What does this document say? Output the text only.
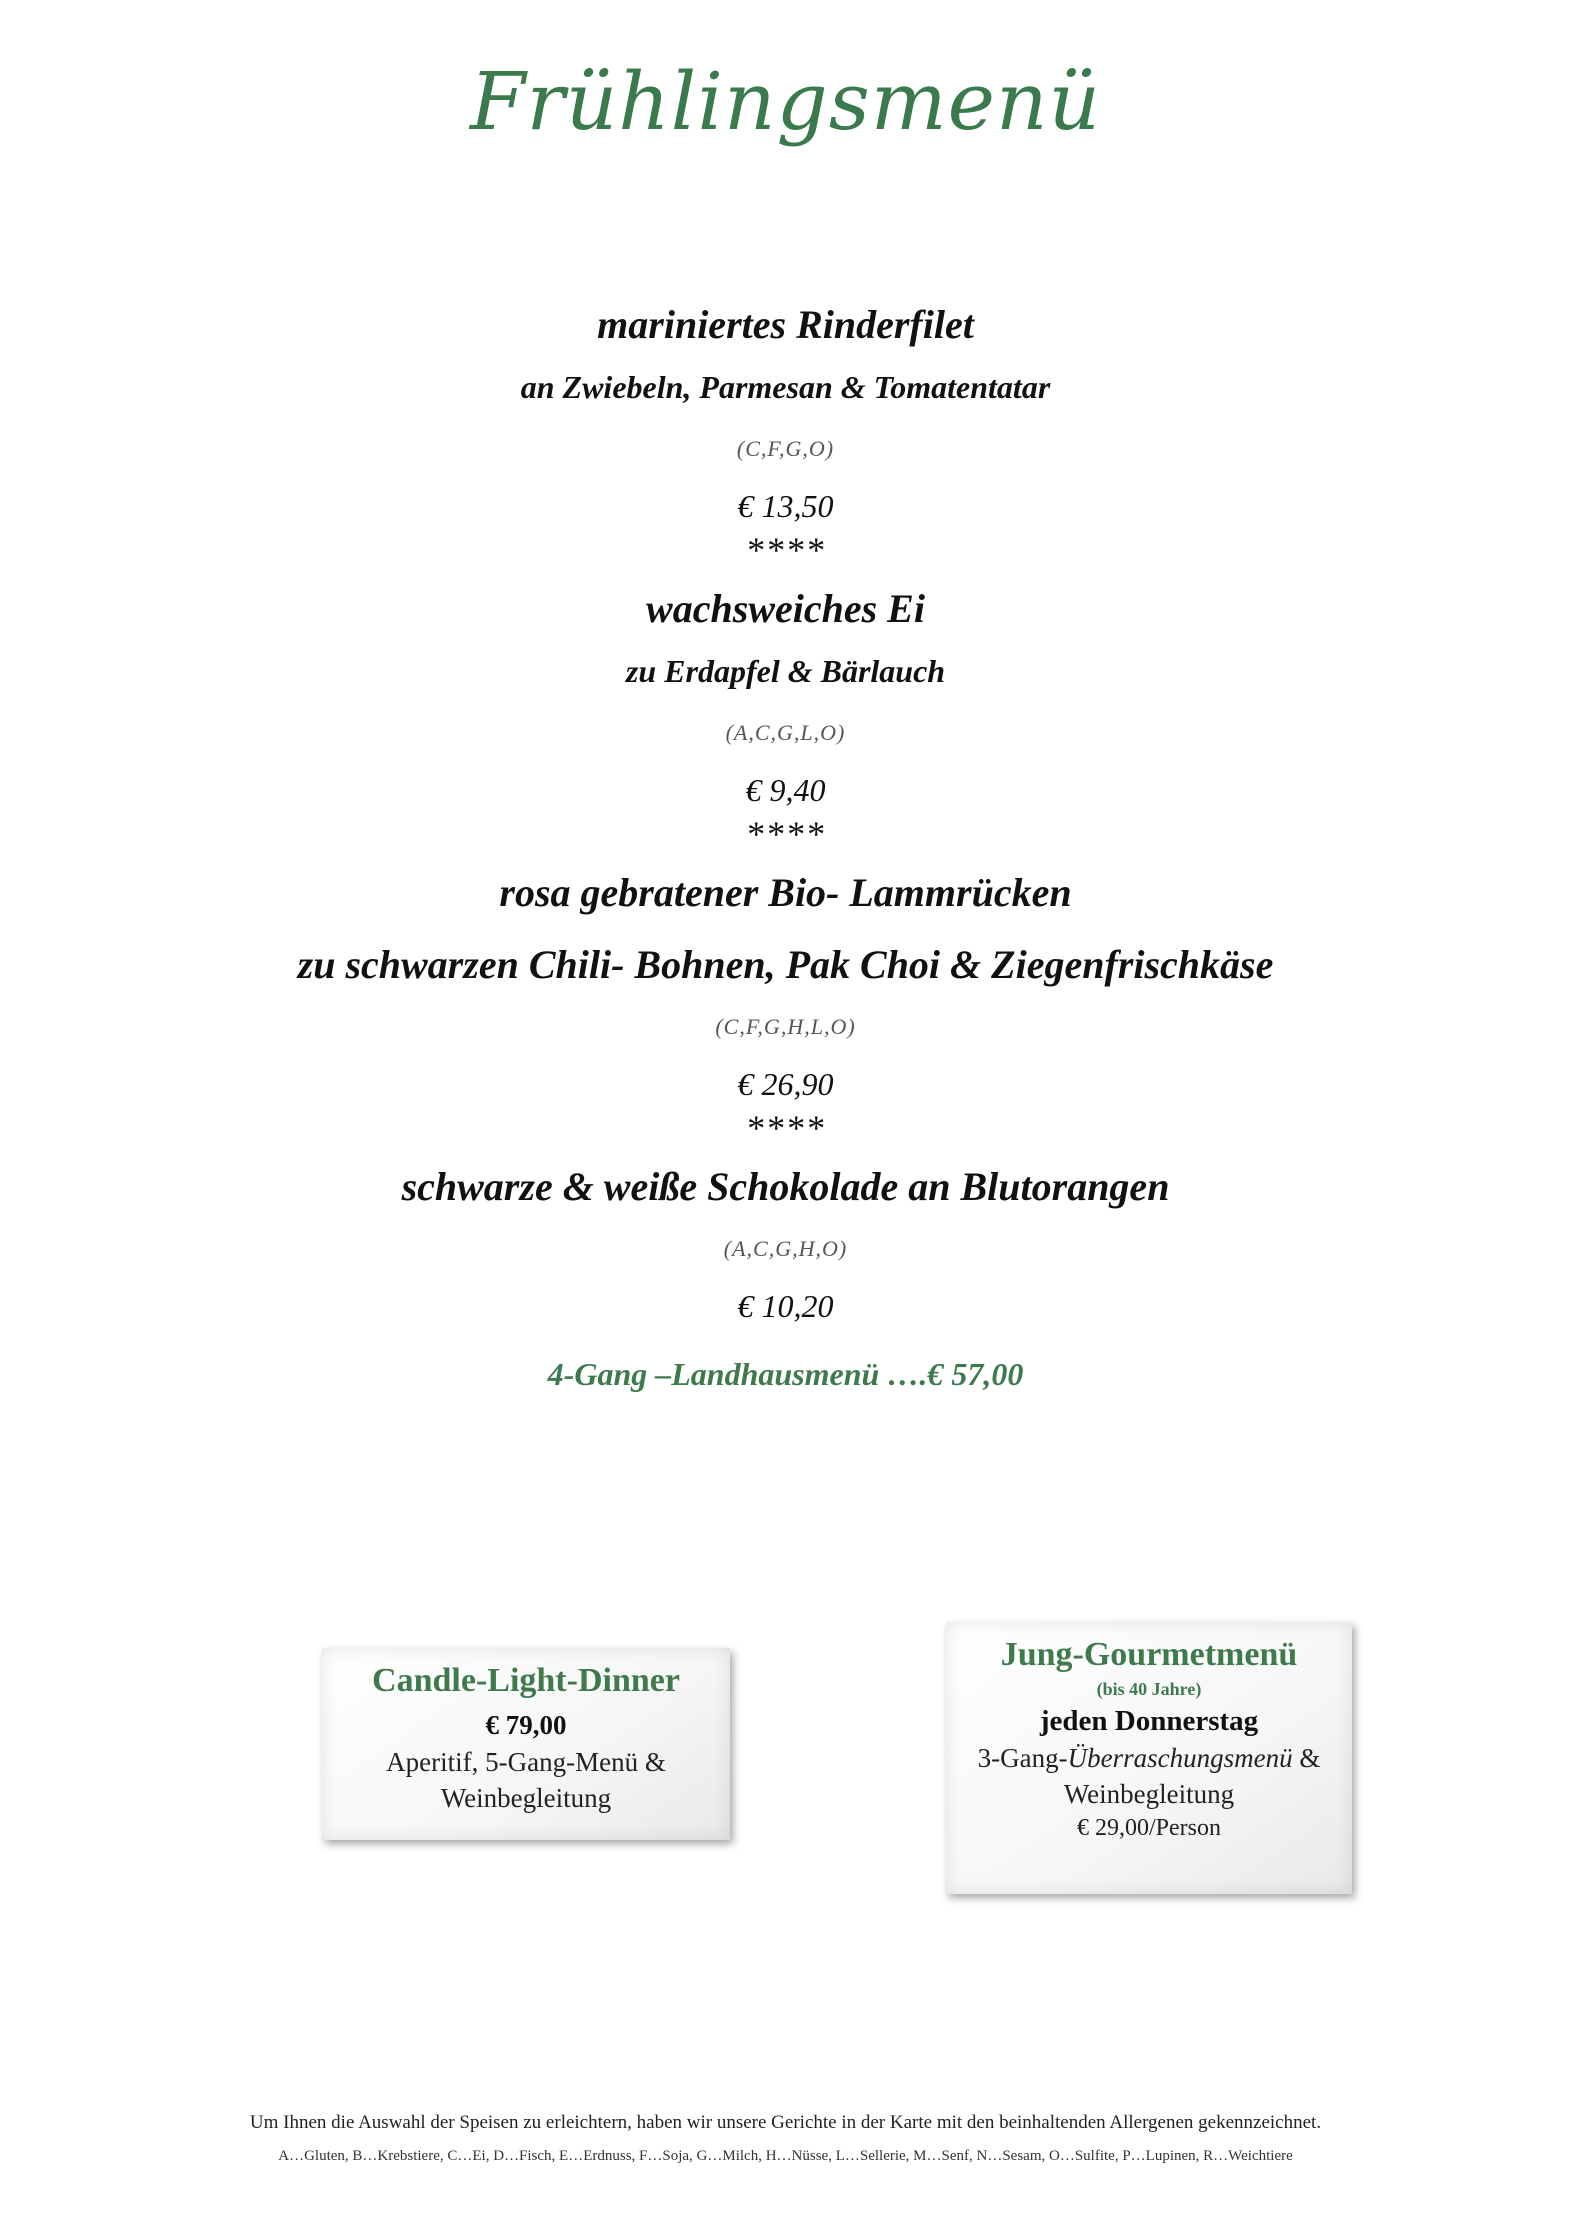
Frühlingsmenü

mariniertes Rinderfilet

an Zwiebeln, Parmesan & Tomatentatar

(C,F,G,O)

€ 13,50

****

wachsweiches Ei

zu Erdapfel & Bärlauch

(A,C,G,L,O)

€ 9,40

****

rosa gebratener Bio- Lammrücken

zu schwarzen Chili- Bohnen, Pak Choi & Ziegenfrischkäse

(C,F,G,H,L,O)

€ 26,90

****

schwarze & weiße Schokolade an Blutorangen

(A,C,G,H,O)

€ 10,20

4-Gang –Landhausmenü ….€ 57,00
Candle-Light-Dinner
€ 79,00
Aperitif, 5-Gang-Menü &
Weinbegleitung
Jung-Gourmetmenü
(bis 40 Jahre)
jeden Donnerstag
3-Gang-Überraschungsmenü &
Weinbegleitung
€ 29,00/Person
Um Ihnen die Auswahl der Speisen zu erleichtern, haben wir unsere Gerichte in der Karte mit den beinhaltenden Allergenen gekennzeichnet.
A…Gluten, B…Krebstiere, C…Ei, D…Fisch, E…Erdnuss, F…Soja, G…Milch, H…Nüsse, L…Sellerie, M…Senf, N…Sesam, O…Sulfite, P…Lupinen, R…Weichtiere
